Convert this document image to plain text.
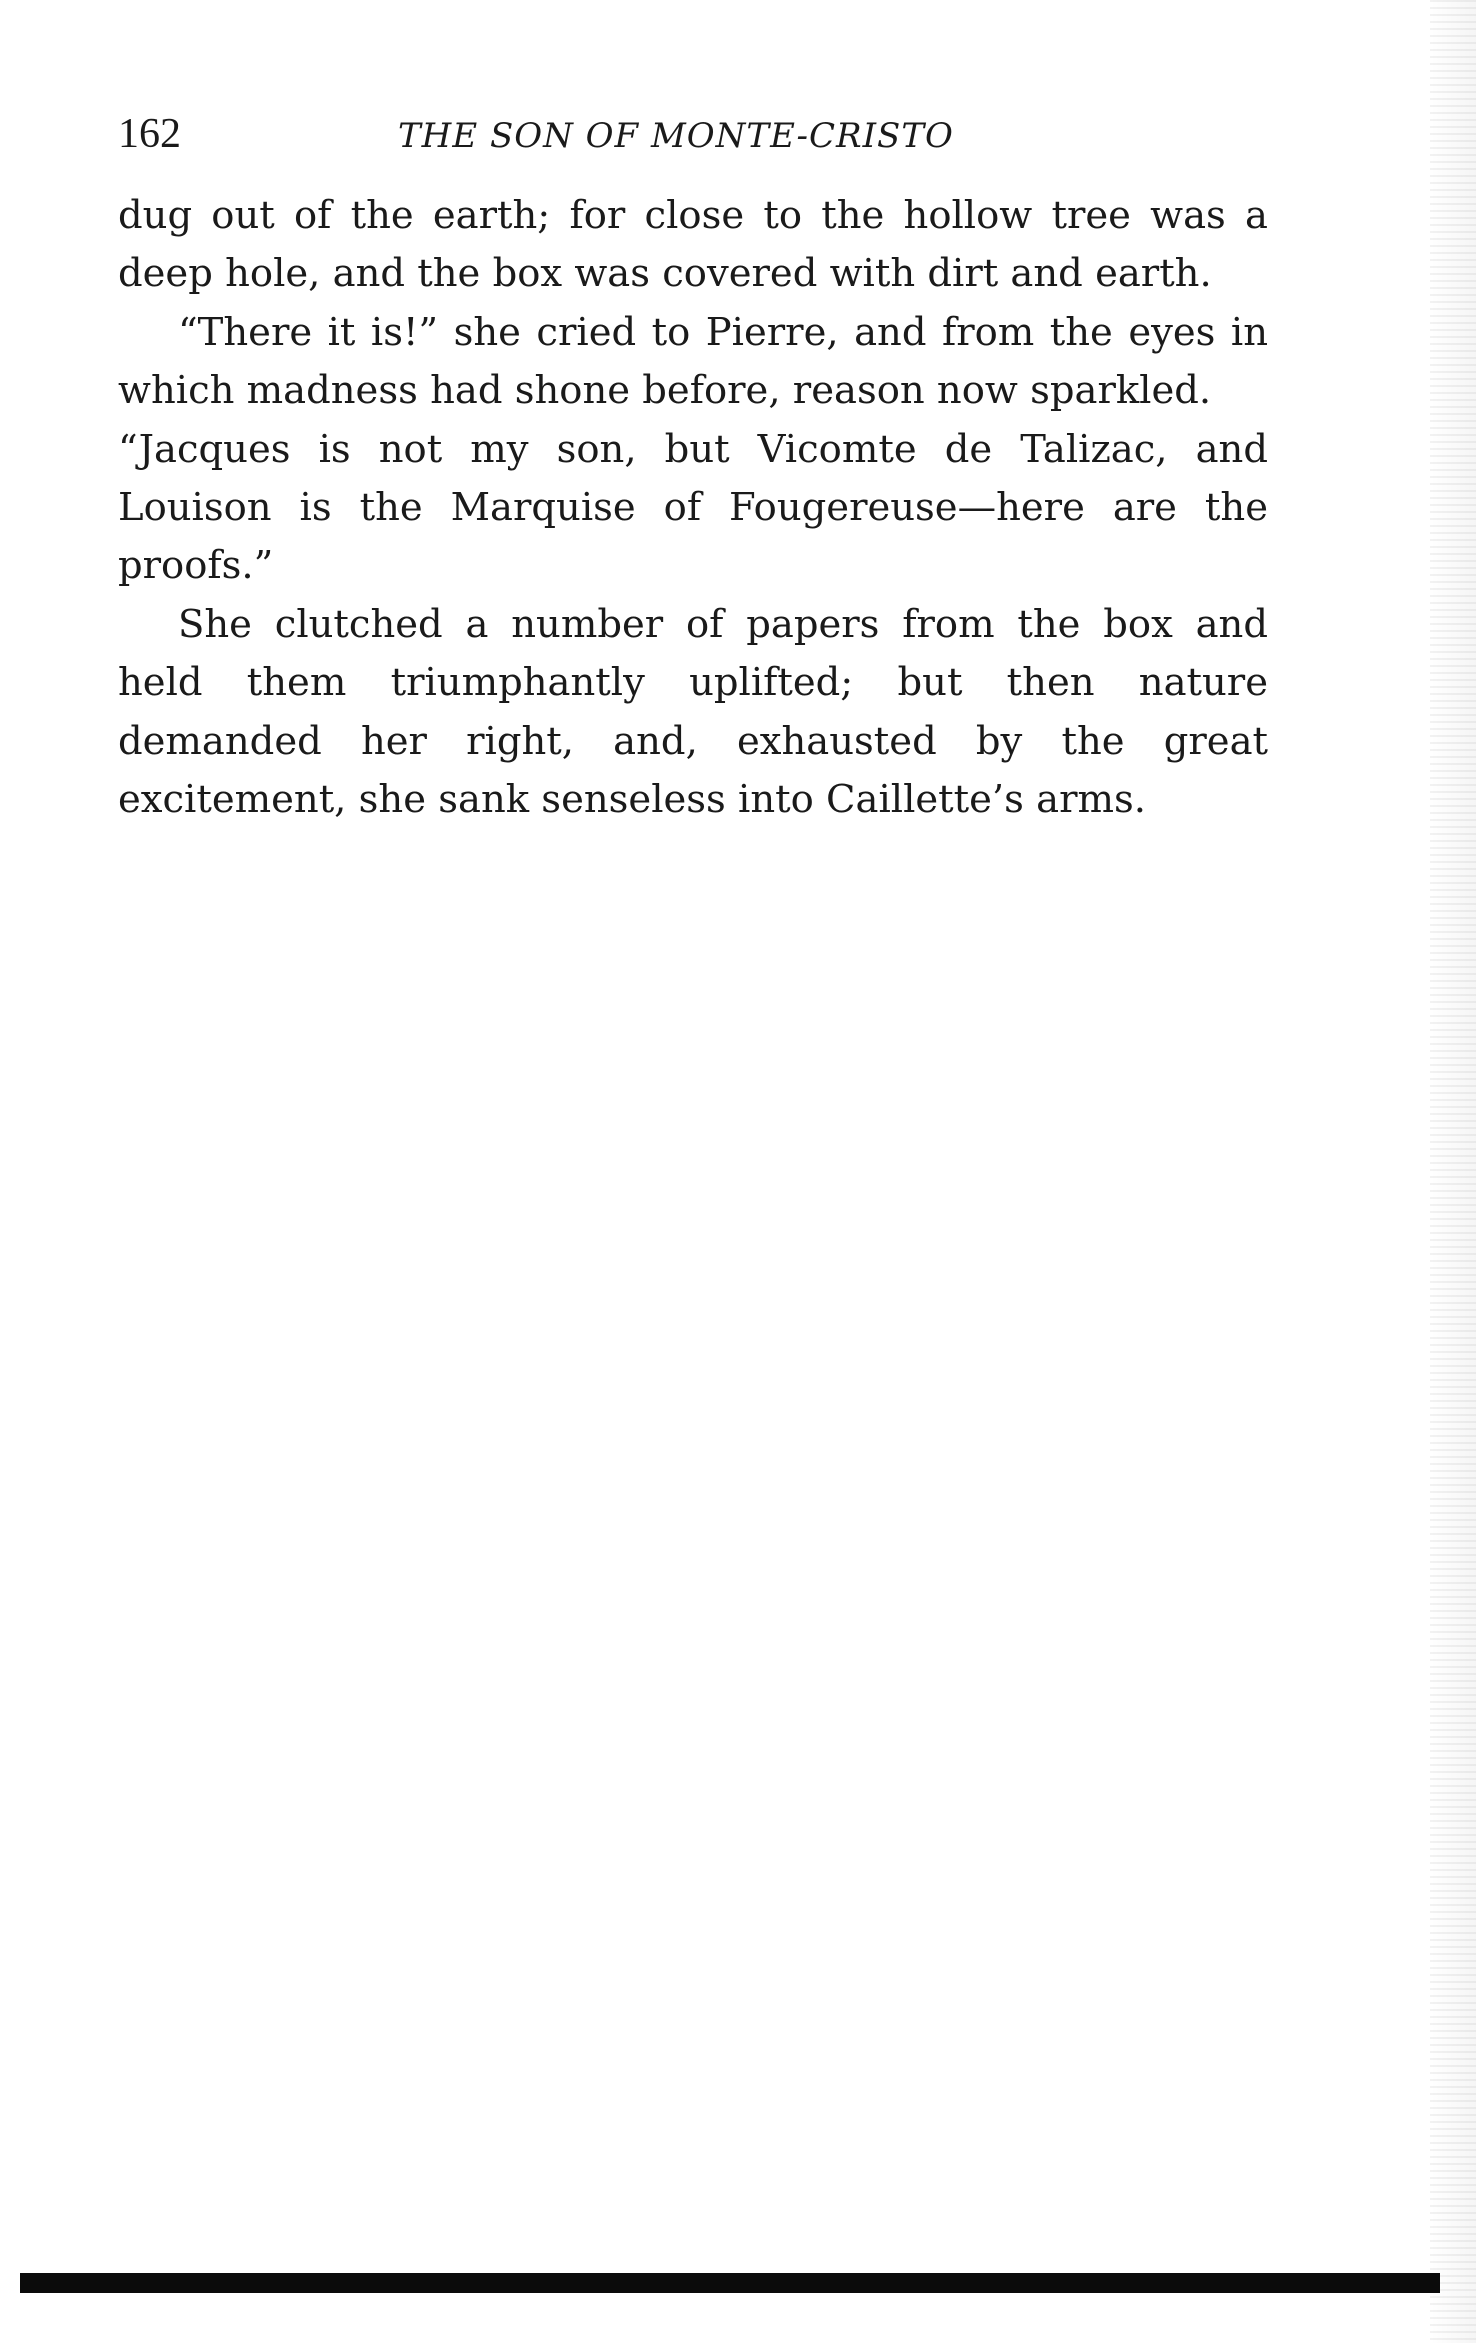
162	THE SON OF MONTE-CRISTO

dug out of the earth; for close to the hollow tree was a deep hole, and the box was covered with dirt and earth.

“There it is!” she cried to Pierre, and from the eyes in which madness had shone before, reason now sparkled.

“Jacques is not my son, but Vicomte de Talizac, and Louison is the Marquise of Fougereuse—here are the proofs.”

She clutched a number of papers from the box and held them triumphantly uplifted; but then nature demanded her right, and, exhausted by the great excitement, she sank senseless into Caillette’s arms.
